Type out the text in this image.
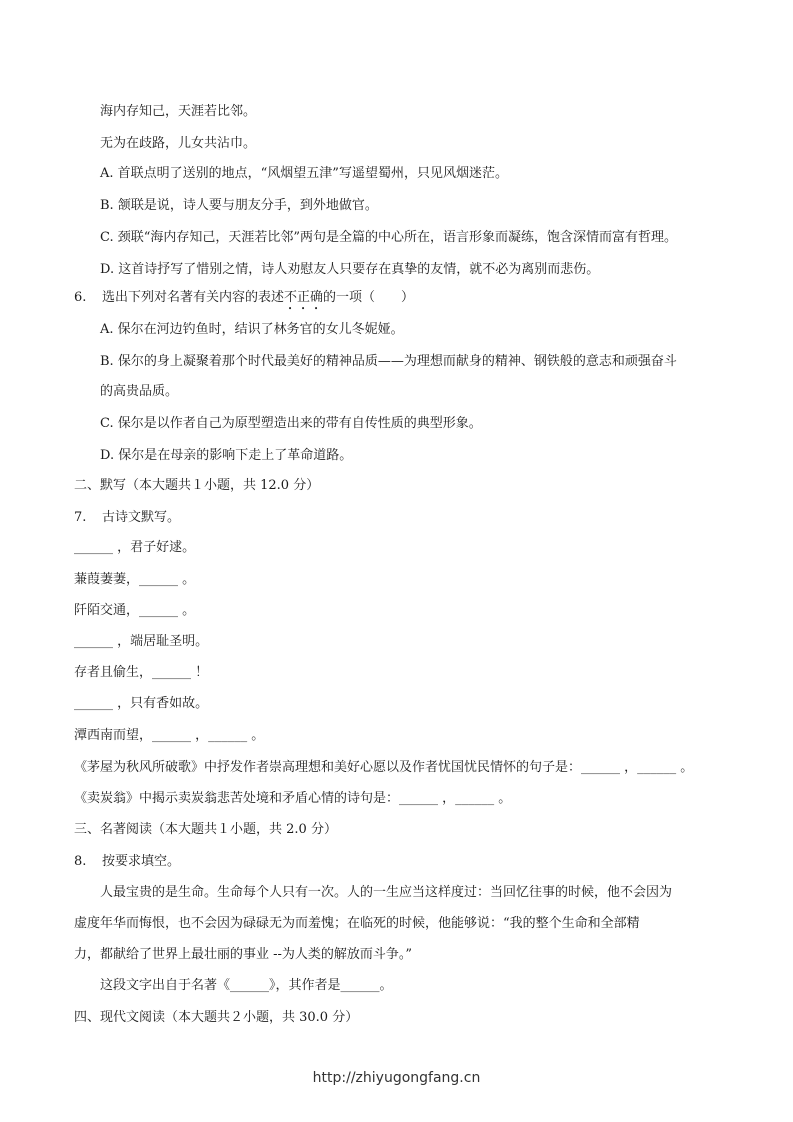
海内存知己，天涯若比邻。
无为在歧路，儿女共沾巾。
A. 首联点明了送别的地点，“风烟望五津”写遥望蜀州，只见风烟迷茫。
B. 颔联是说，诗人要与朋友分手，到外地做官。
C. 颈联“海内存知己，天涯若比邻”两句是全篇的中心所在，语言形象而凝练，饱含深情而富有哲理。
D. 这首诗抒写了惜别之情，诗人劝慰友人只要存在真挚的友情，就不必为离别而悲伤。
6. 选出下列对名著有关内容的表述不正确的一项（　　）
A. 保尔在河边钓鱼时，结识了林务官的女儿冬妮娅。
B. 保尔的身上凝聚着那个时代最美好的精神品质——为理想而献身的精神、钢铁般的意志和顽强奋斗
的高贵品质。
C. 保尔是以作者自己为原型塑造出来的带有自传性质的典型形象。
D. 保尔是在母亲的影响下走上了革命道路。
二、默写（本大题共１小题，共 12.0 分）
7. 古诗文默写。
______ ，君子好逑。
蒹葭萋萋，______ 。
阡陌交通，______ 。
______ ，端居耻圣明。
存者且偷生，______ ！
______ ，只有香如故。
潭西南而望，______ ，______ 。
《茅屋为秋风所破歌》中抒发作者崇高理想和美好心愿以及作者忧国忧民情怀的句子是：______ ，______ 。
《卖炭翁》中揭示卖炭翁悲苦处境和矛盾心情的诗句是：______ ，______ 。
三、名著阅读（本大题共１小题，共 2.0 分）
8. 按要求填空。
人最宝贵的是生命。生命每个人只有一次。人的一生应当这样度过：当回忆往事的时候，他不会因为
虚度年华而悔恨，也不会因为碌碌无为而羞愧；在临死的时候，他能够说：“我的整个生命和全部精
力，都献给了世界上最壮丽的事业 --为人类的解放而斗争。”
这段文字出自于名著《______》，其作者是______。
四、现代文阅读（本大题共２小题，共 30.0 分）
http://zhiyugongfang.cn
